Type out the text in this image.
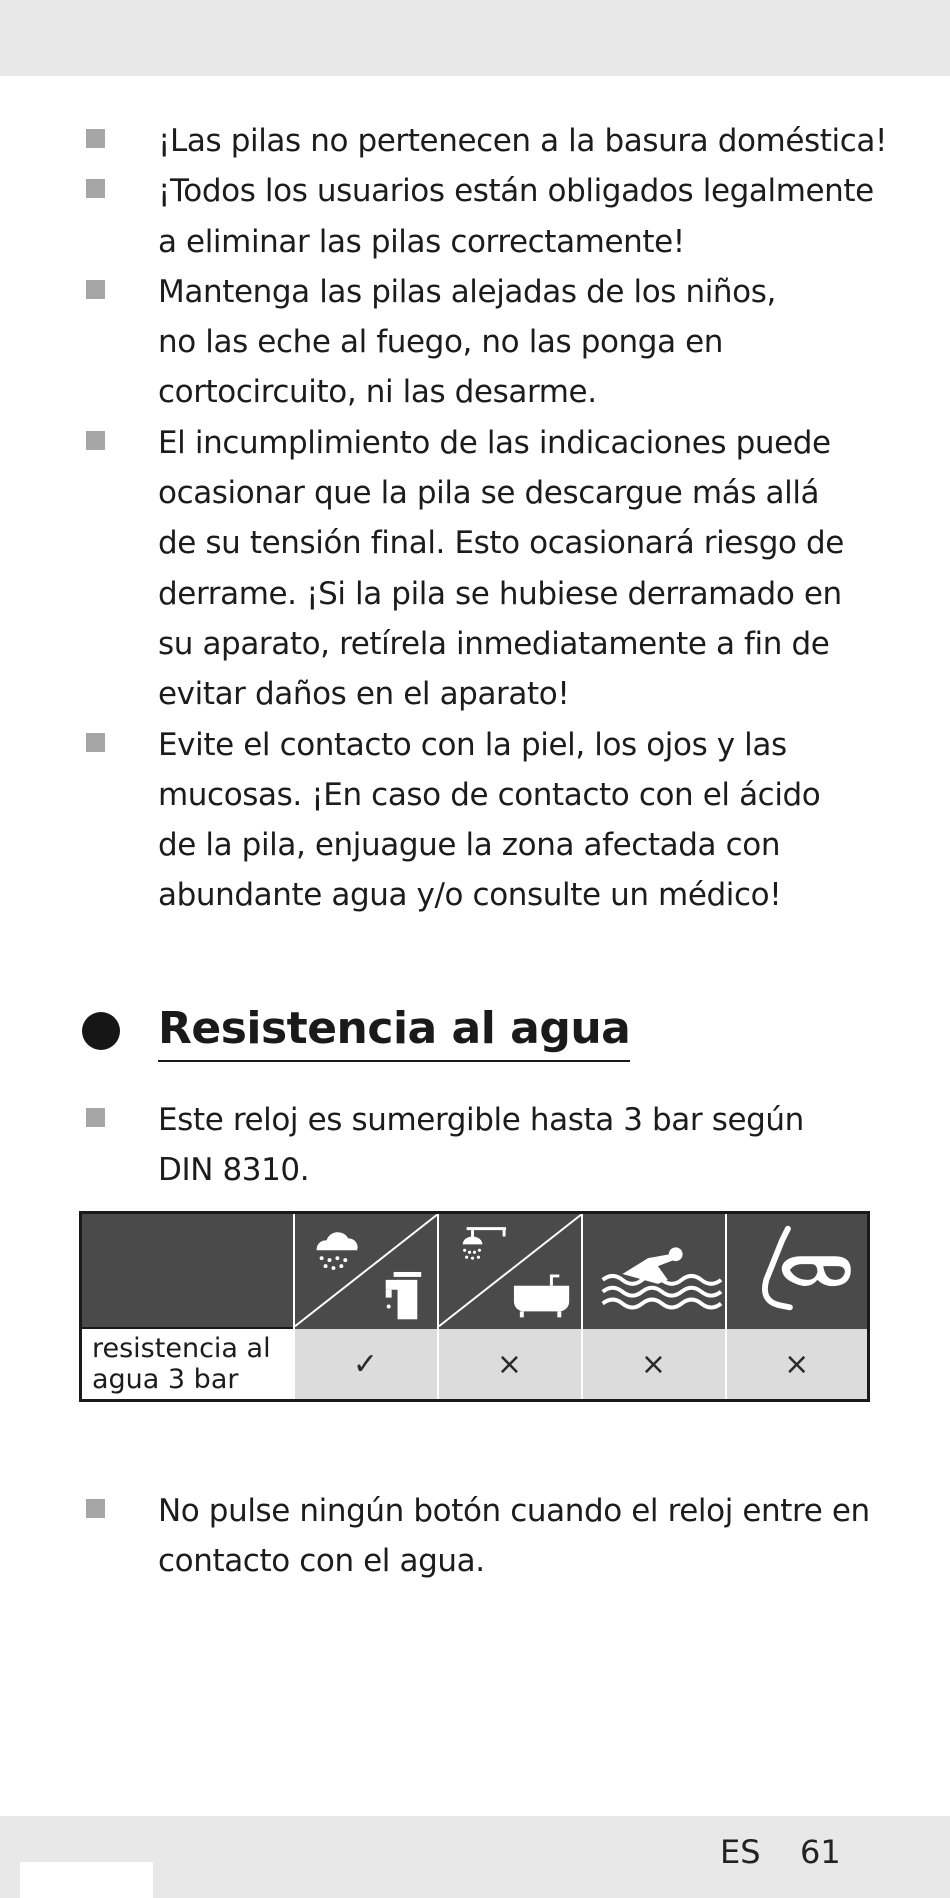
¡Las pilas no pertenecen a la basura doméstica!
¡Todos los usuarios están obligados legalmente
a eliminar las pilas correctamente!
Mantenga las pilas alejadas de los niños,
no las eche al fuego, no las ponga en
cortocircuito, ni las desarme.
El incumplimiento de las indicaciones puede
ocasionar que la pila se descargue más allá
de su tensión final. Esto ocasionará riesgo de
derrame. ¡Si la pila se hubiese derramado en
su aparato, retírela inmediatamente a fin de
evitar daños en el aparato!
Evite el contacto con la piel, los ojos y las
mucosas. ¡En caso de contacto con el ácido
de la pila, enjuague la zona afectada con
abundante agua y/o consulte un médico!
Resistencia al agua
Este reloj es sumergible hasta 3 bar según
DIN 8310.

resistencia al
agua 3 bar	✓	×	×	×
No pulse ningún botón cuando el reloj entre en
contacto con el agua.
ES 61
